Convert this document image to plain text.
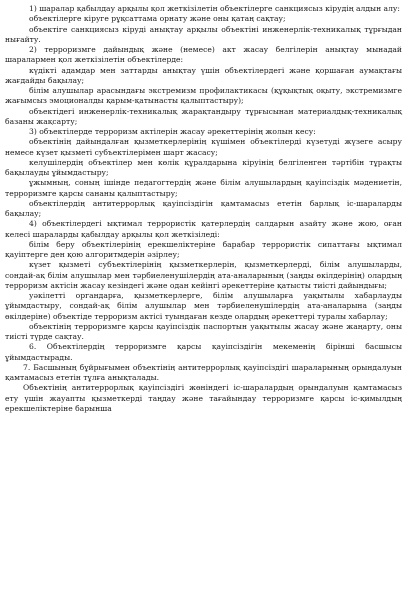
1) шаралар қабылдау арқылы қол жеткізілетін объектілерге санкциясыз кірудің алдын алу:

объектілерге кіруге рұқсаттама орнату және оны қатаң сақтау;

объектіге санкциясыз кіруді анықтау арқылы объектіні инженерлік-техникалық тұрғыдан нығайту.

2) терроризмге дайындық және (немесе) акт жасау белгілерін анықтау мынадай шаралармен қол жеткізілетін объектілерде:

күдікті адамдар мен заттарды анықтау үшін объектілердегі және қоршаған аумақтағы жағдайды бақылау;

білім алушылар арасындағы экстремизм профилактикасы (құқықтық оқыту, экстремизмге жағымсыз эмоционалды қарым-қатынасты қалыптастыру);

объектідегі инженерлік-техникалық жарақтандыру тұрғысынан материалдық-техникалық базаны жақсарту;

3) объектілерде терроризм актілерін жасау әрекеттерінің жолын кесу:

объектінің дайындалған қызметкерлерінің күшімен объектілерді күзетуді жүзеге асыру немесе күзет қызметі субъектілерімен шарт жасасу;

келушілердің объектілер мен көлік құралдарына кіруінің белгіленген тәртібін тұрақты бақылауды ұйымдастыру;

ұжымның, соның ішінде педагогтердің және білім алушылардың қауіпсіздік мәдениетін, терроризмге қарсы сананы қалыптастыру;

объектілердің антитеррорлық қауіпсіздігін қамтамасыз ететін барлық іс-шараларды бақылау;

4) объектілердегі ықтимал террористік қатерлердің салдарын азайту және жою, оған келесі шараларды қабылдау арқылы қол жеткізіледі:

білім беру объектілерінің ерекшеліктеріне барабар террористік сипаттағы ықтимал қауіптерге ден қою алгоритмдерін әзірлеу;

күзет қызметі субъектілерінің қызметкерлерін, қызметкерлерді, білім алушыларды, сондай-ақ білім алушылар мен тәрбиеленушілердің ата-аналарының (заңды өкілдерінің) олардың терроризм актісін жасау кезіндегі және одан кейінгі әрекеттеріне қатысты тиісті дайындығы;

уәкілетті органдарға, қызметкерлерге, білім алушыларға уақытылы хабарлауды ұйымдастыру, сондай-ақ білім алушылар мен тәрбиеленушілердің ата-аналарына (заңды өкілдеріне) объектіде терроризм актісі туындаған кезде олардың әрекеттері туралы хабарлау;

объектінің терроризмге қарсы қауіпсіздік паспортын уақытылы жасау және жаңарту, оны тиісті түрде сақтау.

6. Объектілердің терроризмге қарсы қауіпсіздігін мекеменің бірінші басшысы ұйымдастырады.

7. Басшының бұйрығымен объектінің антитеррорлық қауіпсіздігі шараларының орындалуын қамтамасыз ететін тұлға анықталады.

Объектінің антитеррорлық қауіпсіздігі жөніндегі іс-шаралардың орындалуын қамтамасыз ету үшін жауапты қызметкерді таңдау және тағайындау терроризмге қарсы іс-қимылдың ерекшеліктеріне барынша
